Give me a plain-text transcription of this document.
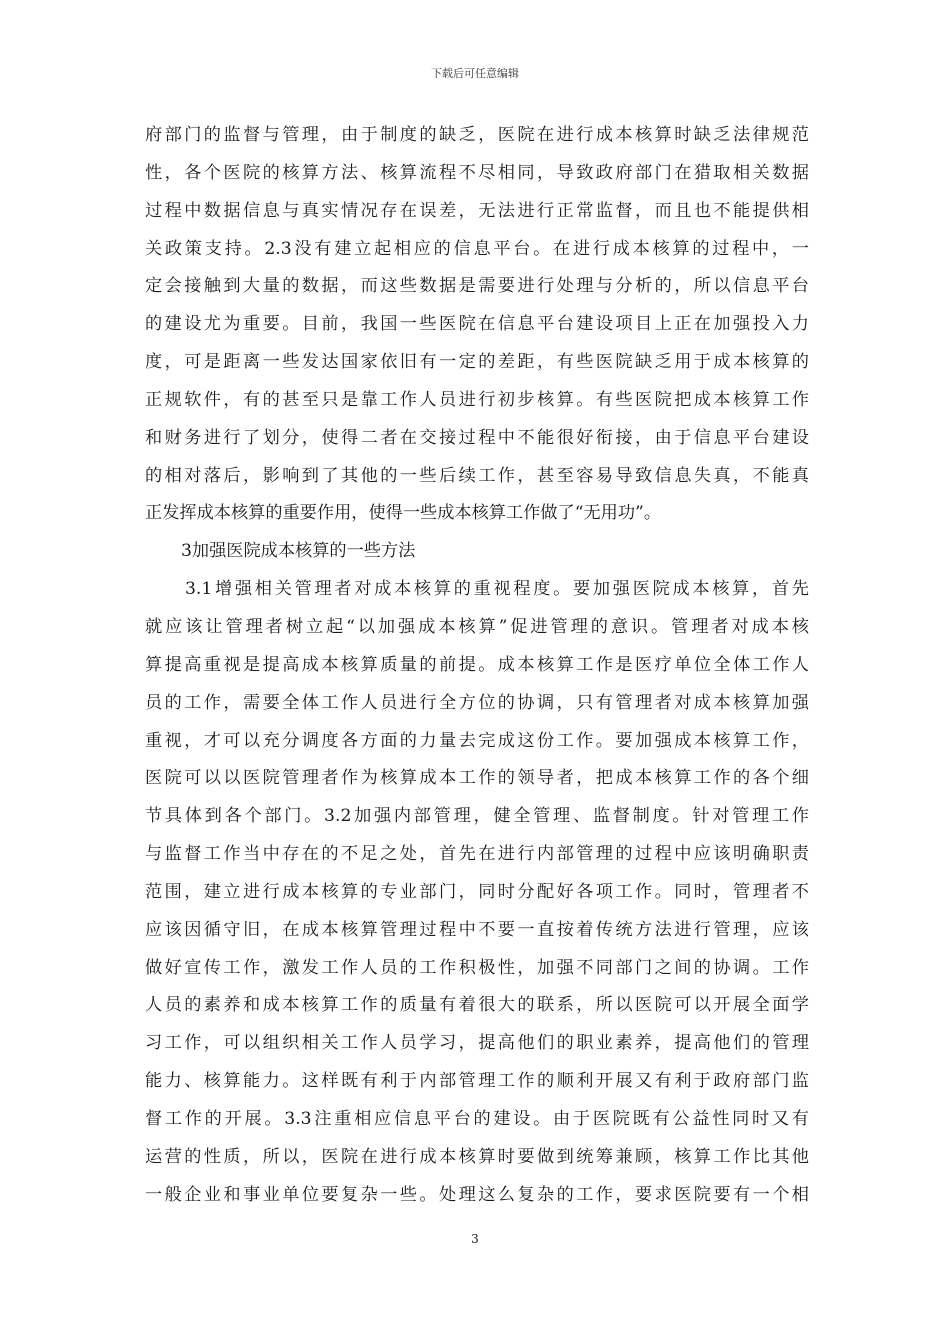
下载后可任意编辑
府部门的监督与管理，由于制度的缺乏，医院在进行成本核算时缺乏法律规范
性，各个医院的核算方法、核算流程不尽相同，导致政府部门在猎取相关数据
过程中数据信息与真实情况存在误差，无法进行正常监督，而且也不能提供相
关政策支持。2.3没有建立起相应的信息平台。在进行成本核算的过程中，一
定会接触到大量的数据，而这些数据是需要进行处理与分析的，所以信息平台
的建设尤为重要。目前，我国一些医院在信息平台建设项目上正在加强投入力
度，可是距离一些发达国家依旧有一定的差距，有些医院缺乏用于成本核算的
正规软件，有的甚至只是靠工作人员进行初步核算。有些医院把成本核算工作
和财务进行了划分，使得二者在交接过程中不能很好衔接，由于信息平台建设
的相对落后，影响到了其他的一些后续工作，甚至容易导致信息失真，不能真
正发挥成本核算的重要作用，使得一些成本核算工作做了“无用功”。
3加强医院成本核算的一些方法
3.1增强相关管理者对成本核算的重视程度。要加强医院成本核算，首先
就应该让管理者树立起“以加强成本核算”促进管理的意识。管理者对成本核
算提高重视是提高成本核算质量的前提。成本核算工作是医疗单位全体工作人
员的工作，需要全体工作人员进行全方位的协调，只有管理者对成本核算加强
重视，才可以充分调度各方面的力量去完成这份工作。要加强成本核算工作，
医院可以以医院管理者作为核算成本工作的领导者，把成本核算工作的各个细
节具体到各个部门。3.2加强内部管理，健全管理、监督制度。针对管理工作
与监督工作当中存在的不足之处，首先在进行内部管理的过程中应该明确职责
范围，建立进行成本核算的专业部门，同时分配好各项工作。同时，管理者不
应该因循守旧，在成本核算管理过程中不要一直按着传统方法进行管理，应该
做好宣传工作，激发工作人员的工作积极性，加强不同部门之间的协调。工作
人员的素养和成本核算工作的质量有着很大的联系，所以医院可以开展全面学
习工作，可以组织相关工作人员学习，提高他们的职业素养，提高他们的管理
能力、核算能力。这样既有利于内部管理工作的顺利开展又有利于政府部门监
督工作的开展。3.3注重相应信息平台的建设。由于医院既有公益性同时又有
运营的性质，所以，医院在进行成本核算时要做到统筹兼顾，核算工作比其他
一般企业和事业单位要复杂一些。处理这么复杂的工作，要求医院要有一个相
3
